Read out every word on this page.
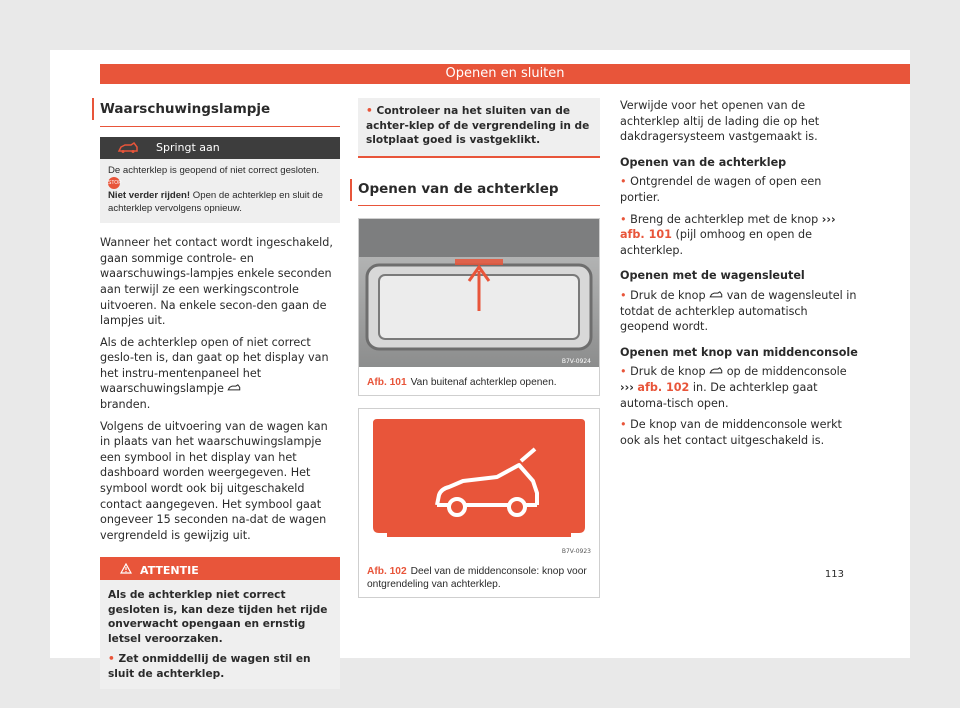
Openen en sluiten
Waarschuwingslampje
Springt aan
De achterklep is geopend of niet correct gesloten. STOP
Niet verder rijden! Open de achterklep en sluit de achterklep vervolgens opnieuw.

Wanneer het contact wordt ingeschakeld, gaan sommige controle- en waarschuwings-lampjes enkele seconden aan terwijl ze een werkingscontrole uitvoeren. Na enkele secon-den gaan de lampjes uit.

Als de achterklep open of niet correct geslo-ten is, dan gaat op het display van het instru-mentenpaneel het waarschuwingslampje
branden.

Volgens de uitvoering van de wagen kan in plaats van het waarschuwingslampje een symbool in het display van het dashboard worden weergegeven. Het symbool wordt ook bij uitgeschakeld contact aangegeven. Het symbool gaat ongeveer 15 seconden na-dat de wagen vergrendeld is gewijzig uit.

ATTENTIE
Als de achterklep niet correct gesloten is, kan deze tijden het rijde onverwacht opengaan en ernstig letsel veroorzaken.
• Zet onmiddellij de wagen stil en sluit de achterklep.
• Controleer na het sluiten van de achter-klep of de vergrendeling in de slotplaat goed is vastgeklikt.
Openen van de achterklep
B7V-0924
Afb. 101 Van buitenaf achterklep openen.
B7V-0923
Afb. 102 Deel van de middenconsole: knop voor ontgrendeling van achterklep.

Verwijde voor het openen van de achterklep altij de lading die op het dakdragersysteem vastgemaakt is.

Openen van de achterklep

• Ontgrendel de wagen of open een portier.

• Breng de achterklep met de knop ››› afb. 101 (pijl omhoog en open de achterklep.

Openen met de wagensleutel

• Druk de knop van de wagensleutel in totdat de achterklep automatisch geopend wordt.

Openen met knop van middenconsole

• Druk de knop op de middenconsole ››› afb. 102 in. De achterklep gaat automa-tisch open.

• De knop van de middenconsole werkt ook als het contact uitgeschakeld is.

113
